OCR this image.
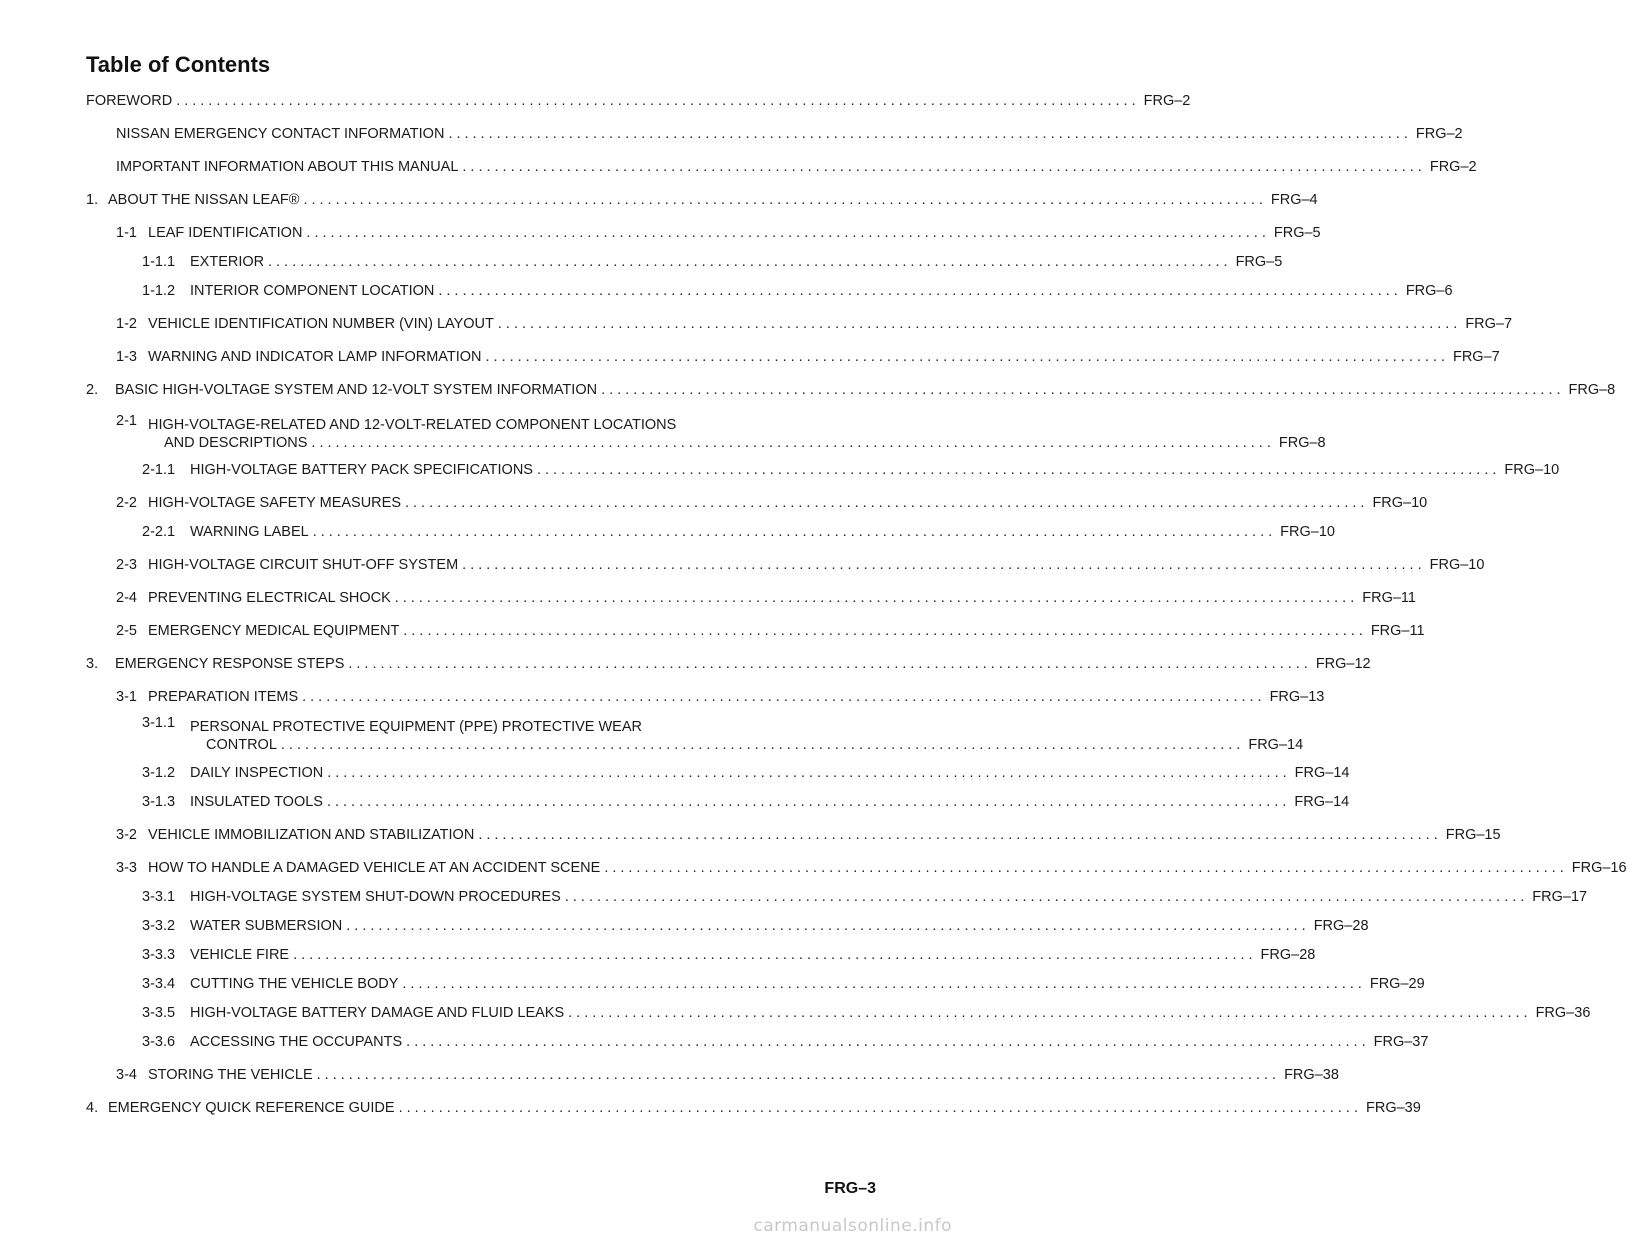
Table of Contents
FOREWORD ........................................................................................................................ FRG–2
NISSAN EMERGENCY CONTACT INFORMATION ........................................................................................................................ FRG–2
IMPORTANT INFORMATION ABOUT THIS MANUAL ........................................................................................................................ FRG–2
1. ABOUT THE NISSAN LEAF® ........................................................................................................................ FRG–4
1-1 LEAF IDENTIFICATION ........................................................................................................................ FRG–5
1-1.1	EXTERIOR ........................................................................................................................ FRG–5
1-1.2	INTERIOR COMPONENT LOCATION ........................................................................................................................ FRG–6
1-2 VEHICLE IDENTIFICATION NUMBER (VIN) LAYOUT ........................................................................................................................ FRG–7
1-3 WARNING AND INDICATOR LAMP INFORMATION ........................................................................................................................ FRG–7
2.	BASIC HIGH-VOLTAGE SYSTEM AND 12-VOLT SYSTEM INFORMATION ........................................................................................................................ FRG–8
2-1 HIGH-VOLTAGE-RELATED AND 12-VOLT-RELATED COMPONENT LOCATIONS
AND DESCRIPTIONS ........................................................................................................................ FRG–8
2-1.1	HIGH-VOLTAGE BATTERY PACK SPECIFICATIONS ........................................................................................................................ FRG–10
2-2 HIGH-VOLTAGE SAFETY MEASURES ........................................................................................................................ FRG–10
2-2.1	WARNING LABEL ........................................................................................................................ FRG–10
2-3 HIGH-VOLTAGE CIRCUIT SHUT-OFF SYSTEM ........................................................................................................................ FRG–10
2-4 PREVENTING ELECTRICAL SHOCK ........................................................................................................................ FRG–11
2-5 EMERGENCY MEDICAL EQUIPMENT ........................................................................................................................ FRG–11
3.	EMERGENCY RESPONSE STEPS ........................................................................................................................ FRG–12
3-1 PREPARATION ITEMS ........................................................................................................................ FRG–13
3-1.1	PERSONAL PROTECTIVE EQUIPMENT (PPE) PROTECTIVE WEAR
CONTROL ........................................................................................................................ FRG–14
3-1.2	DAILY INSPECTION ........................................................................................................................ FRG–14
3-1.3	INSULATED TOOLS ........................................................................................................................ FRG–14
3-2 VEHICLE IMMOBILIZATION AND STABILIZATION ........................................................................................................................ FRG–15
3-3 HOW TO HANDLE A DAMAGED VEHICLE AT AN ACCIDENT SCENE ........................................................................................................................ FRG–16
3-3.1	HIGH-VOLTAGE SYSTEM SHUT-DOWN PROCEDURES ........................................................................................................................ FRG–17
3-3.2	WATER SUBMERSION ........................................................................................................................ FRG–28
3-3.3	VEHICLE FIRE ........................................................................................................................ FRG–28
3-3.4	CUTTING THE VEHICLE BODY ........................................................................................................................ FRG–29
3-3.5	HIGH-VOLTAGE BATTERY DAMAGE AND FLUID LEAKS ........................................................................................................................ FRG–36
3-3.6	ACCESSING THE OCCUPANTS ........................................................................................................................ FRG–37
3-4 STORING THE VEHICLE ........................................................................................................................ FRG–38
4. EMERGENCY QUICK REFERENCE GUIDE ........................................................................................................................ FRG–39
FRG–3
carmanualsonline.info
